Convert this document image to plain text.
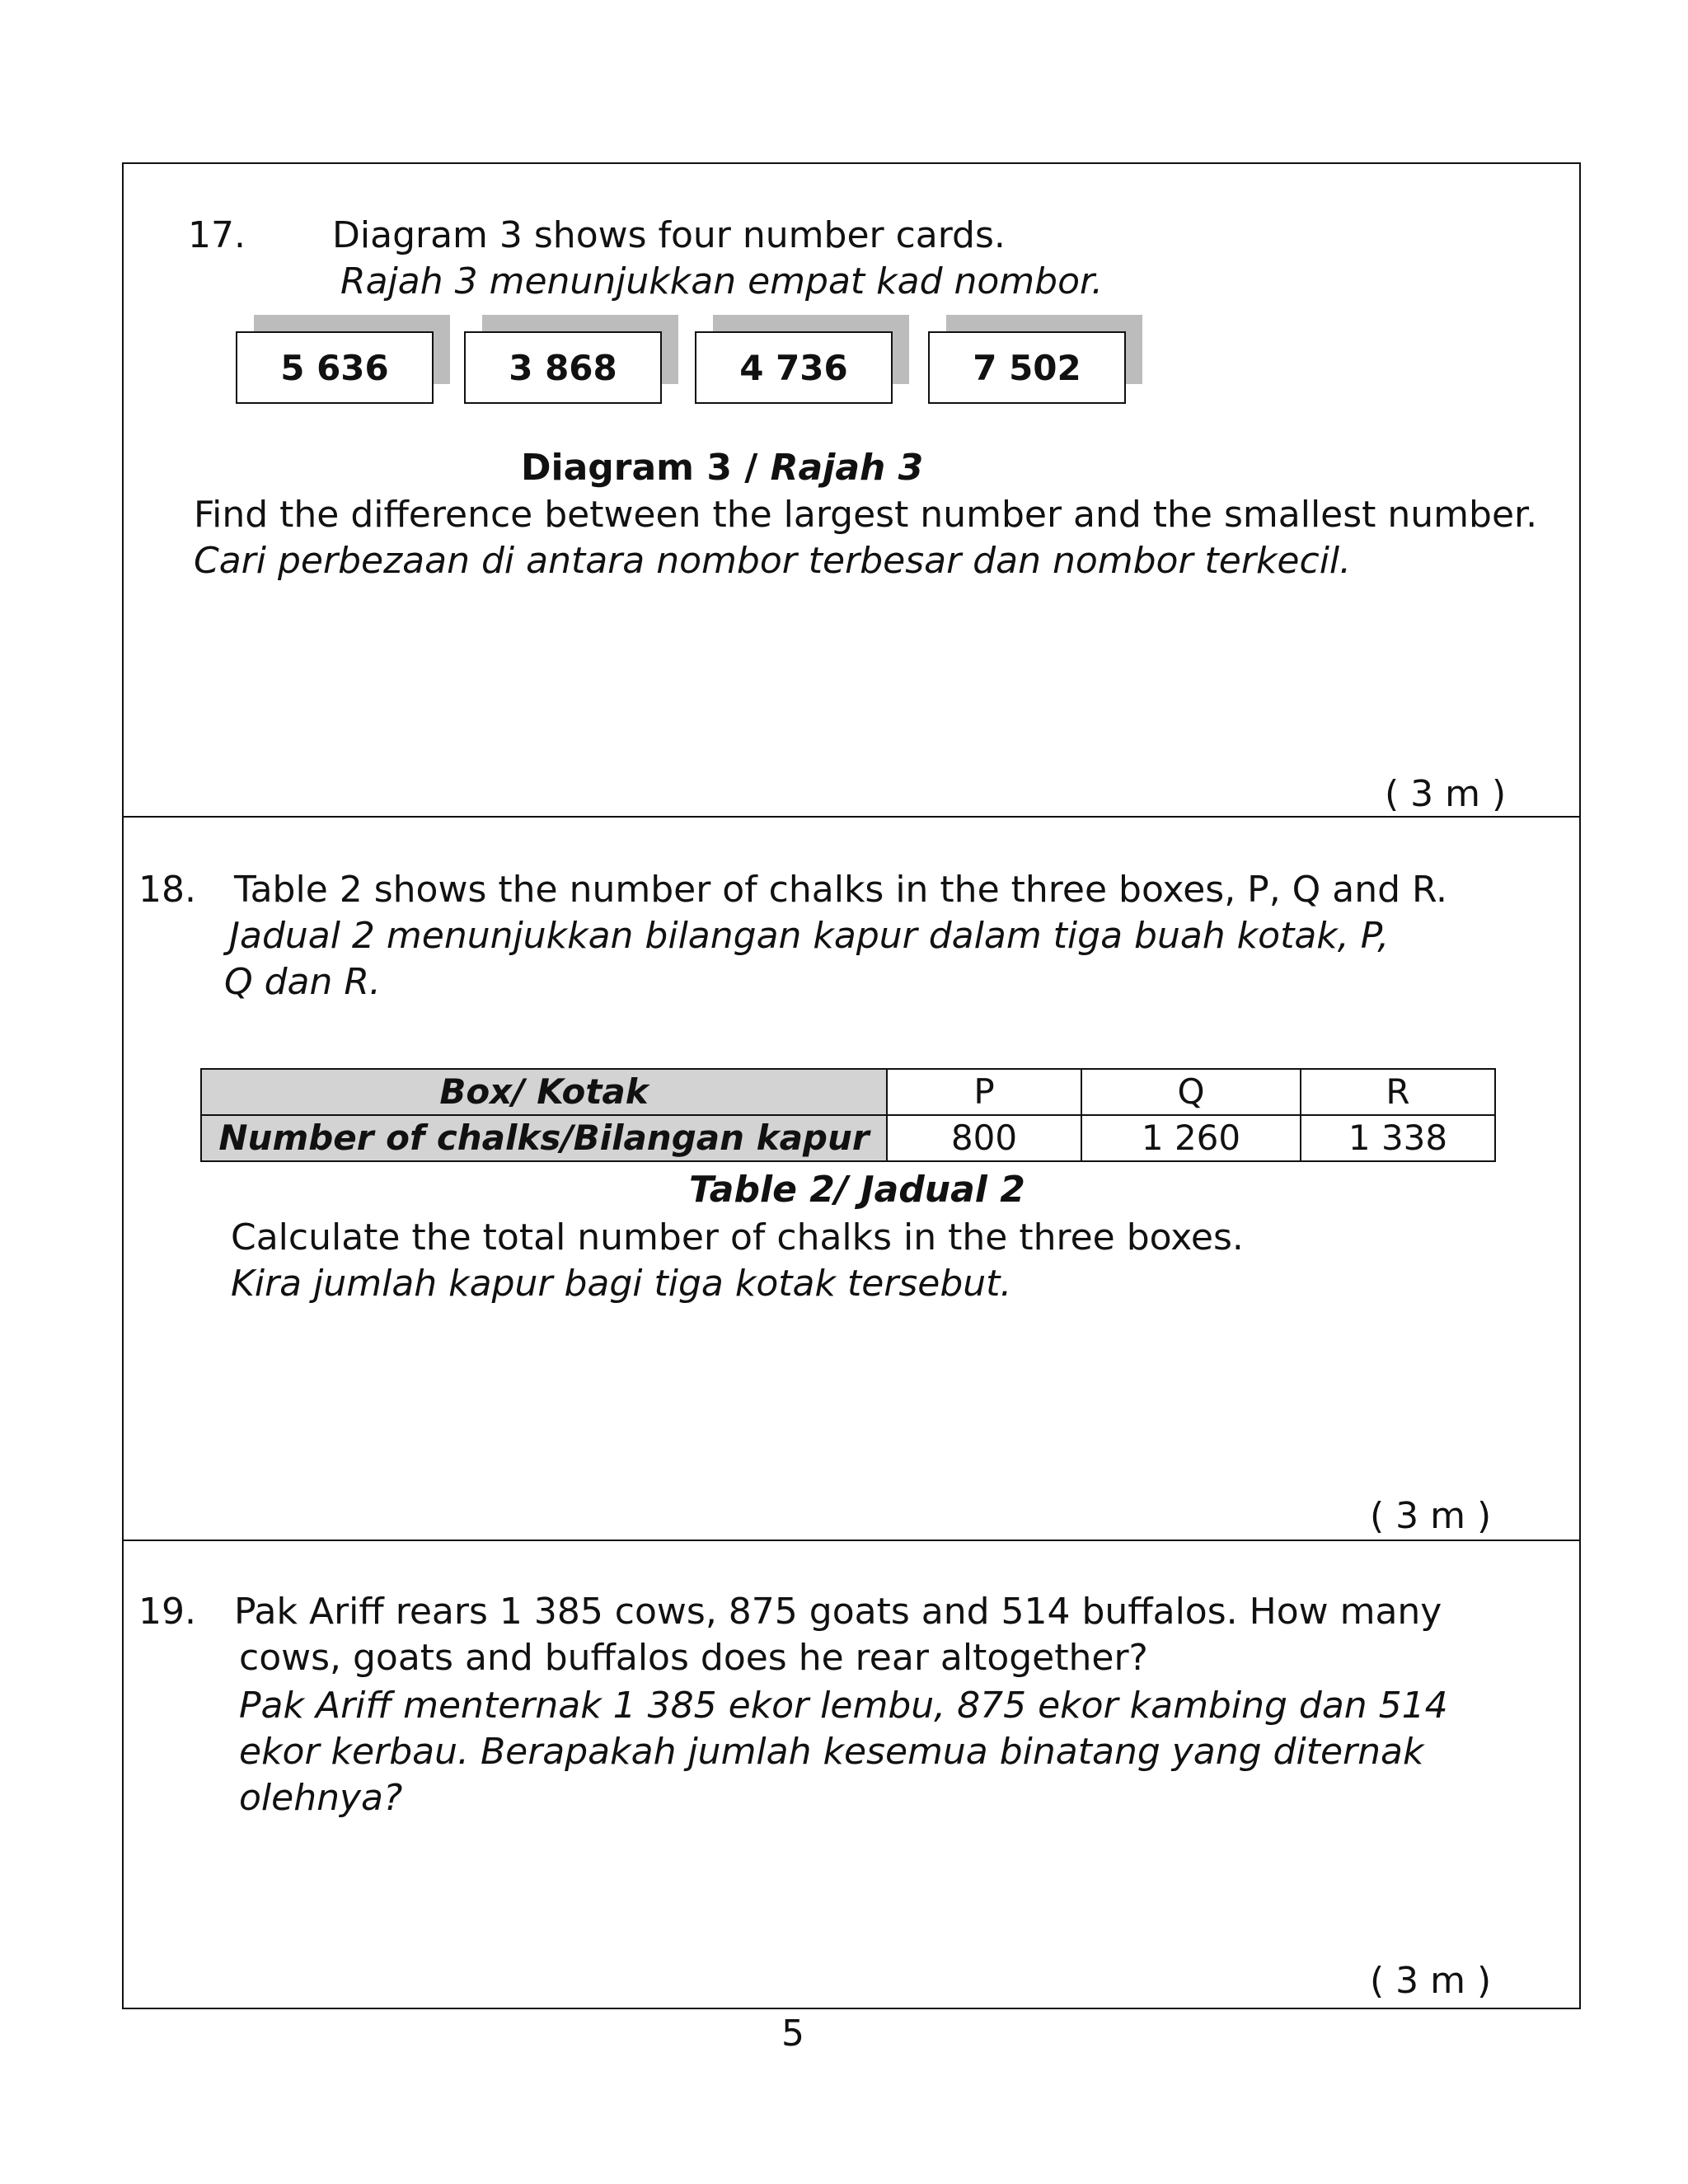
17. Diagram 3 shows four number cards.
Rajah 3 menunjukkan empat kad nombor.
5 636	3 868	4 736	7 502
Diagram 3 / Rajah 3
Find the difference between the largest number and the smallest number.
Cari perbezaan di antara nombor terbesar dan nombor terkecil.
( 3 m )
18. Table 2 shows the number of chalks in the three boxes, P, Q and R.
Jadual 2 menunjukkan bilangan kapur dalam tiga buah kotak, P,
Q dan R.
Box/ Kotak	P	Q	R
Number of chalks/Bilangan kapur	800	1 260	1 338
Table 2/ Jadual 2
Calculate the total number of chalks in the three boxes.
Kira jumlah kapur bagi tiga kotak tersebut.
( 3 m )
19. Pak Ariff rears 1 385 cows, 875 goats and 514 buffalos. How many
cows, goats and buffalos does he rear altogether?
Pak Ariff menternak 1 385 ekor lembu, 875 ekor kambing dan 514
ekor kerbau. Berapakah jumlah kesemua binatang yang diternak
olehnya?
( 3 m )
5
